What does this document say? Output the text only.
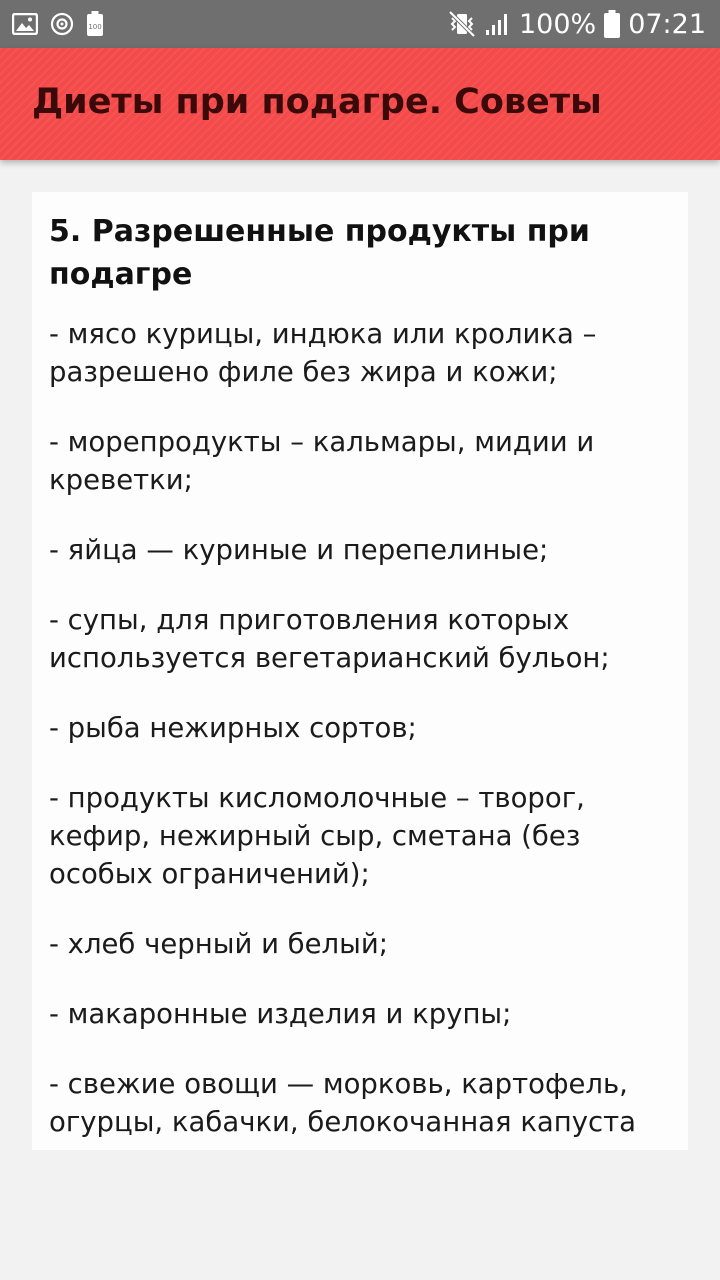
100	100% 07:21
Диеты при подагре. Советы
5. Разрешенные продукты при подагре

- мясо курицы, индюка или кролика – разрешено филе без жира и кожи;

- морепродукты – кальмары, мидии и креветки;

- яйца — куриные и перепелиные;

- супы, для приготовления которых используется вегетарианский бульон;

- рыба нежирных сортов;

- продукты кисломолочные – творог, кефир, нежирный сыр, сметана (без особых ограничений);

- хлеб черный и белый;

- макаронные изделия и крупы;

- свежие овощи — морковь, картофель, огурцы, кабачки, белокочанная капуста
